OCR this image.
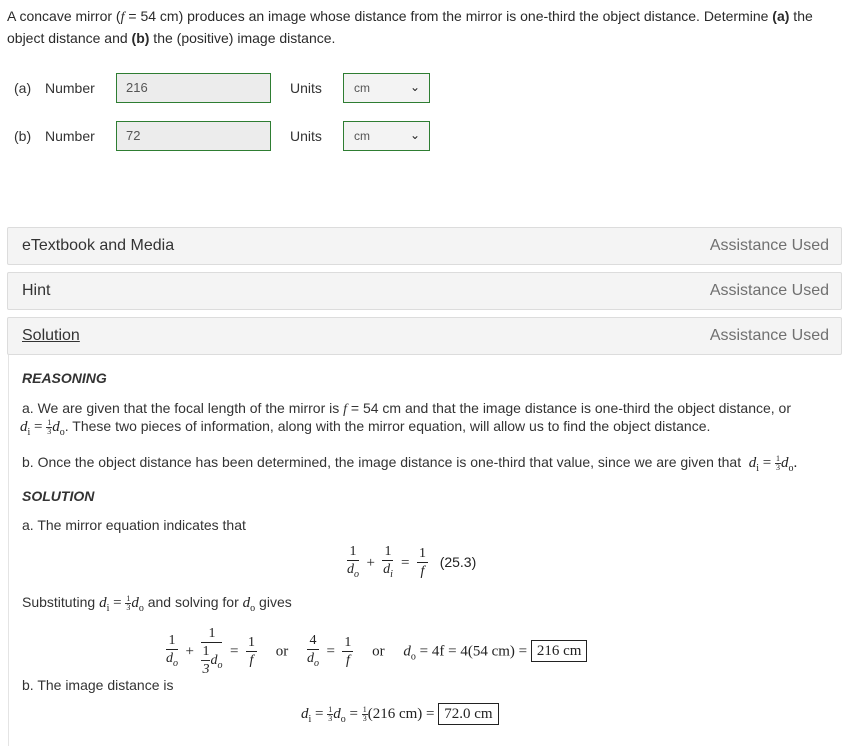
A concave mirror (f = 54 cm) produces an image whose distance from the mirror is one-third the object distance. Determine (a) the object distance and (b) the (positive) image distance.
(a) Number	216	Units	cm	⌄
(b) Number	72	Units	cm	⌄
eTextbook and Media	Assistance Used
Hint	Assistance Used
Solution	Assistance Used
REASONING
a. We are given that the focal length of the mirror is f = 54 cm and that the image distance is one-third the object distance, or
$d_i = \frac{1}{3} d_o$. These two pieces of information, along with the mirror equation, will allow us to find the object distance.
b. Once the object distance has been determined, the image distance is one-third that value, since we are given that $d_i = \frac{1}{3} d_o$.
SOLUTION
a. The mirror equation indicates that
$\frac{1}{d_o} + \frac{1}{d_i} = \frac{1}{f} (25.3)$
Substituting $d_i = \frac{1}{3} d_o$ and solving for $d_o$ gives
$\frac{1}{d_o} + \frac{1}{\frac{1}{3} d_o} = \frac{1}{f}$ or $\frac{4}{d_o} = \frac{1}{f}$ or $d_o = 4f = 4(54$ cm) = 216 cm
b. The image distance is
$d_i = \frac{1}{3} d_o = \frac{1}{3} (216$ cm) = 72.0 cm
